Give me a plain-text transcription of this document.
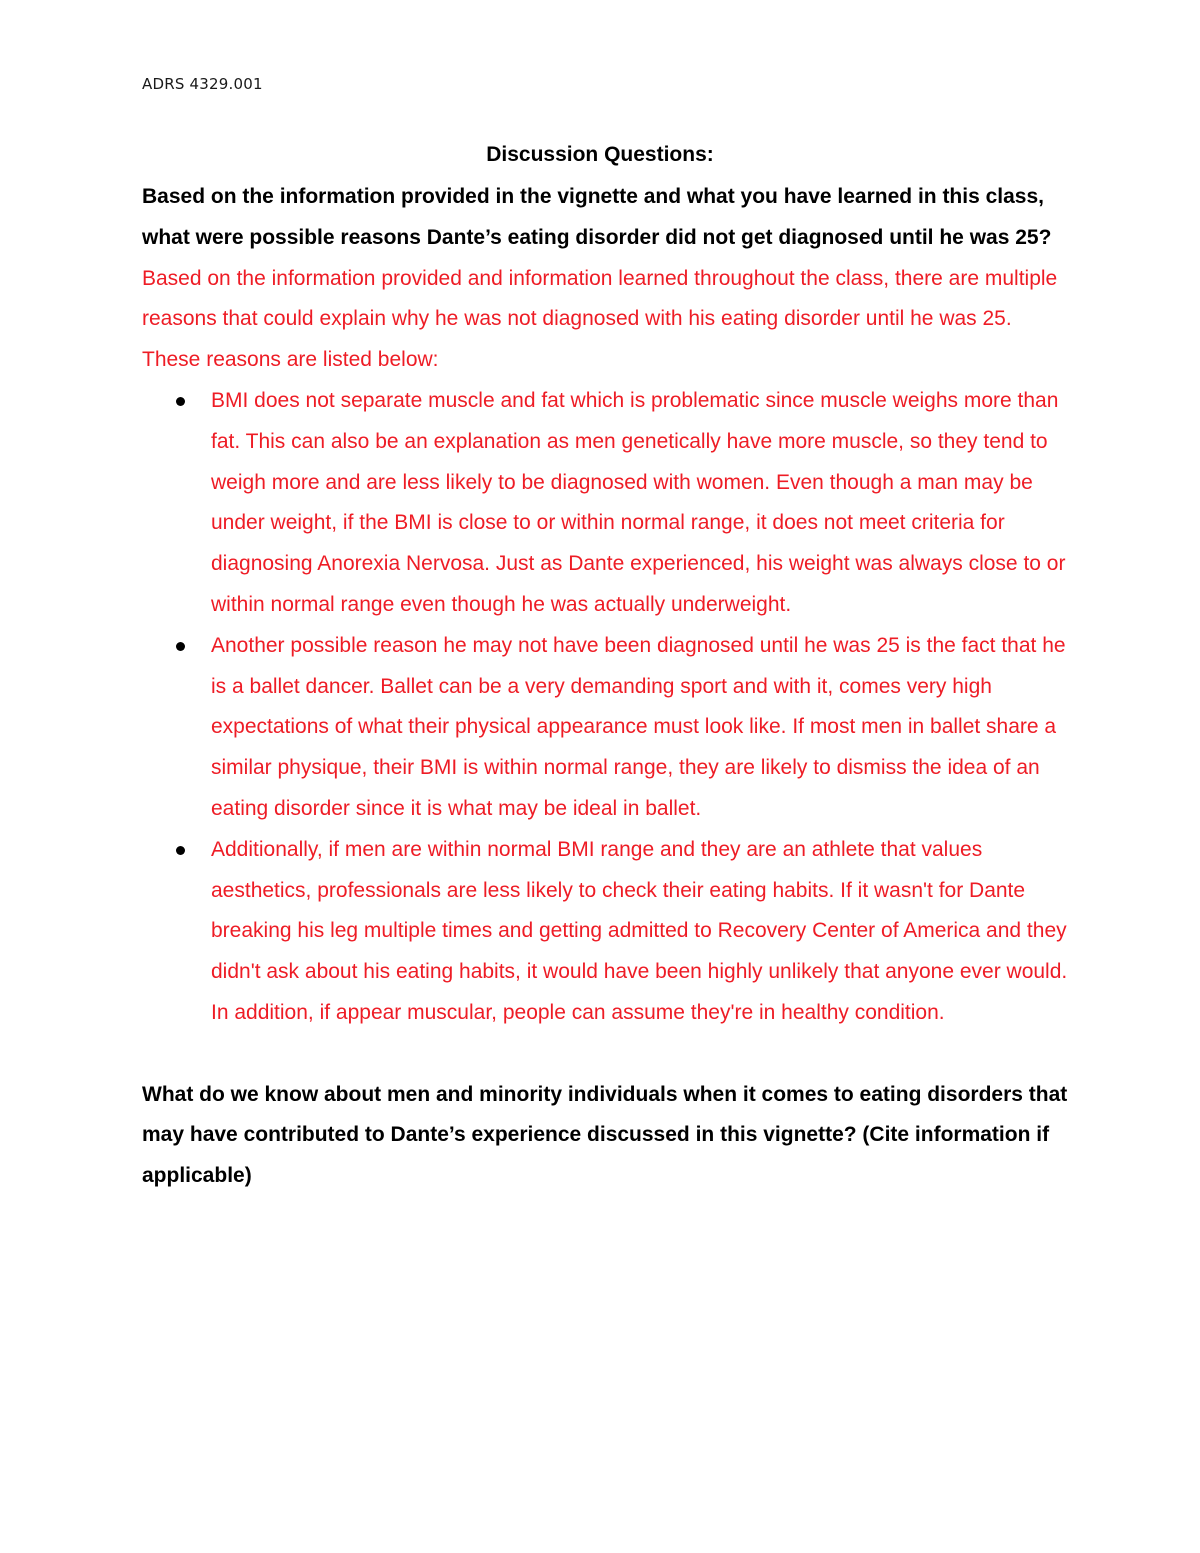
ADRS 4329.001
Discussion Questions:

Based on the information provided in the vignette and what you have learned in this class, what were possible reasons Dante’s eating disorder did not get diagnosed until he was 25?

Based on the information provided and information learned throughout the class, there are multiple reasons that could explain why he was not diagnosed with his eating disorder until he was 25. These reasons are listed below:

BMI does not separate muscle and fat which is problematic since muscle weighs more than fat. This can also be an explanation as men genetically have more muscle, so they tend to weigh more and are less likely to be diagnosed with women. Even though a man may be under weight, if the BMI is close to or within normal range, it does not meet criteria for diagnosing Anorexia Nervosa. Just as Dante experienced, his weight was always close to or within normal range even though he was actually underweight.
Another possible reason he may not have been diagnosed until he was 25 is the fact that he is a ballet dancer. Ballet can be a very demanding sport and with it, comes very high expectations of what their physical appearance must look like. If most men in ballet share a similar physique, their BMI is within normal range, they are likely to dismiss the idea of an eating disorder since it is what may be ideal in ballet.
Additionally, if men are within normal BMI range and they are an athlete that values aesthetics, professionals are less likely to check their eating habits. If it wasn't for Dante breaking his leg multiple times and getting admitted to Recovery Center of America and they didn't ask about his eating habits, it would have been highly unlikely that anyone ever would. In addition, if appear muscular, people can assume they're in healthy condition.

What do we know about men and minority individuals when it comes to eating disorders that may have contributed to Dante’s experience discussed in this vignette? (Cite information if applicable)
